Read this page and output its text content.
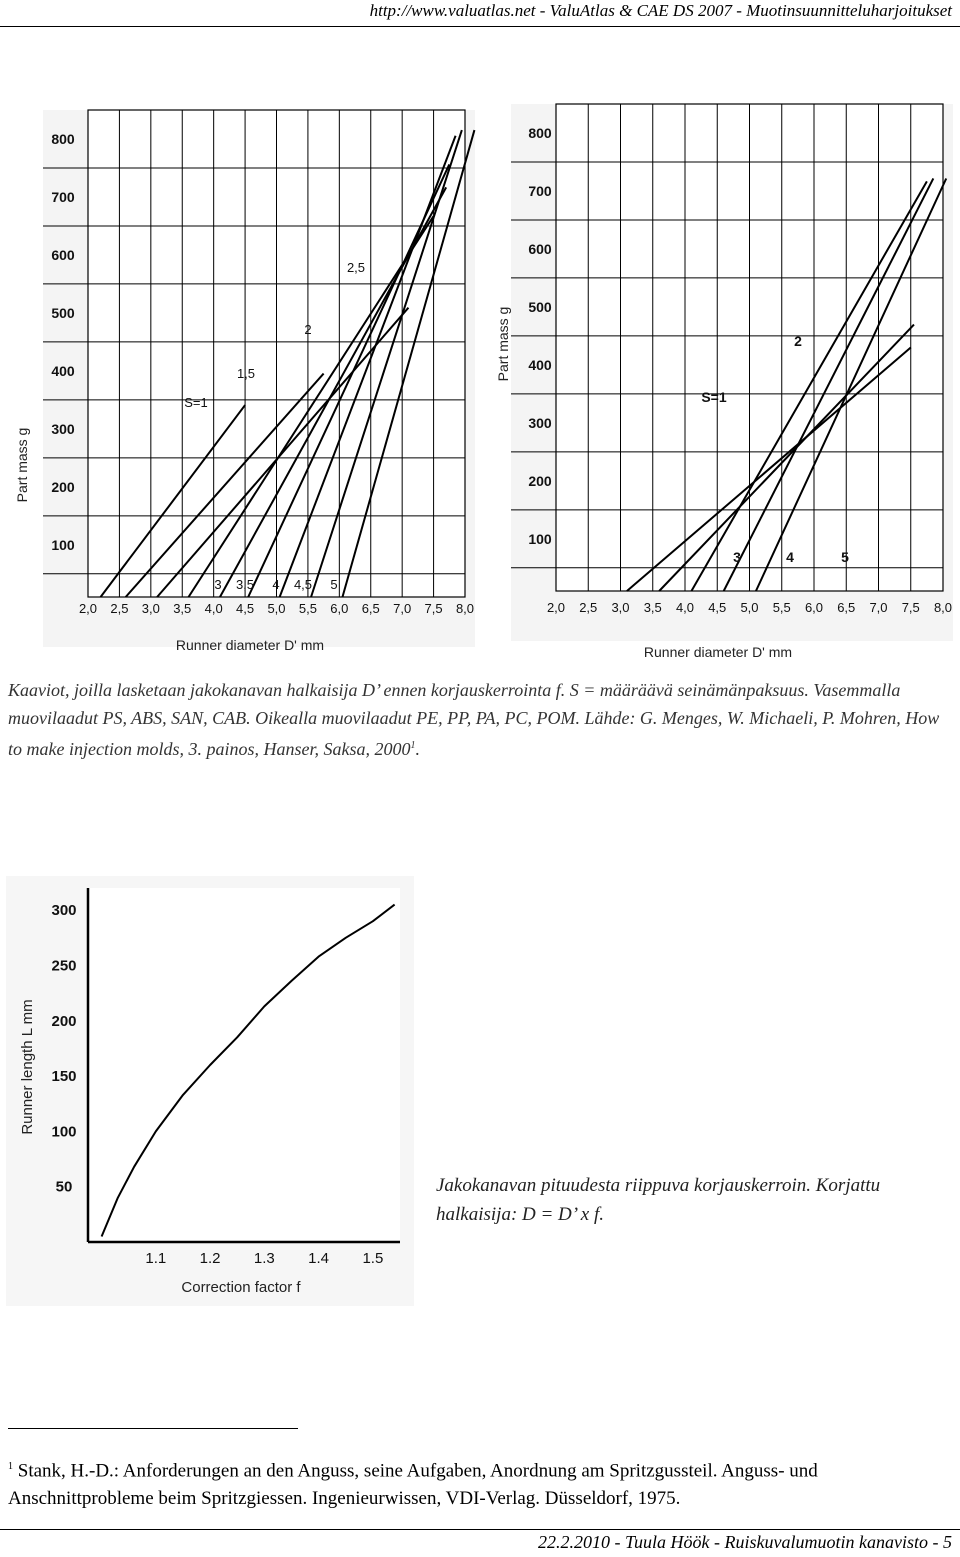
http://www.valuatlas.net - ValuAtlas & CAE DS 2007 - Muotinsuunnitteluharjoitukset
Part mass g
800
700
600
500
400
300
200
100
2,0 2,5 3,0 3,5 4,0 4,5 5,0 5,5 6,0 6,5 7,0 7,5 8,0
S=1
1,5
2
2,5
3 3,5 4 4,5 5
Runner diameter D' mm
Part mass g
800
700
600
500
400
300
200
100
2,0 2,5 3,0 3,5 4,0 4,5 5,0 5,5 6,0 6,5 7,0 7,5 8,0
S=1
2
3	4	5
Runner diameter D' mm
Kaaviot, joilla lasketaan jakokanavan halkaisija D’ ennen korjauskerrointa f. S = määräävä seinämänpaksuus. Vasemmalla muovilaadut PS, ABS, SAN, CAB. Oikealla muovilaadut PE, PP, PA, PC, POM. Lähde: G. Menges, W. Michaeli, P. Mohren, How to make injection molds, 3. painos, Hanser, Saksa, 2000$^1$.
Runner length L mm
300
250
200
150
100
50
1.1 1.2 1.3 1.4 1.5
Correction factor f
Jakokanavan pituudesta riippuva korjauskerroin. Korjattu halkaisija: D = D’ x f.
$^1$ Stank, H.-D.: Anforderungen an den Anguss, seine Aufgaben, Anordnung am Spritzgussteil. Anguss- und Anschnittprobleme beim Spritzgiessen. Ingenieurwissen, VDI-Verlag. Düsseldorf, 1975.
22.2.2010 - Tuula Höök - Ruiskuvalumuotin kanavisto - 5
